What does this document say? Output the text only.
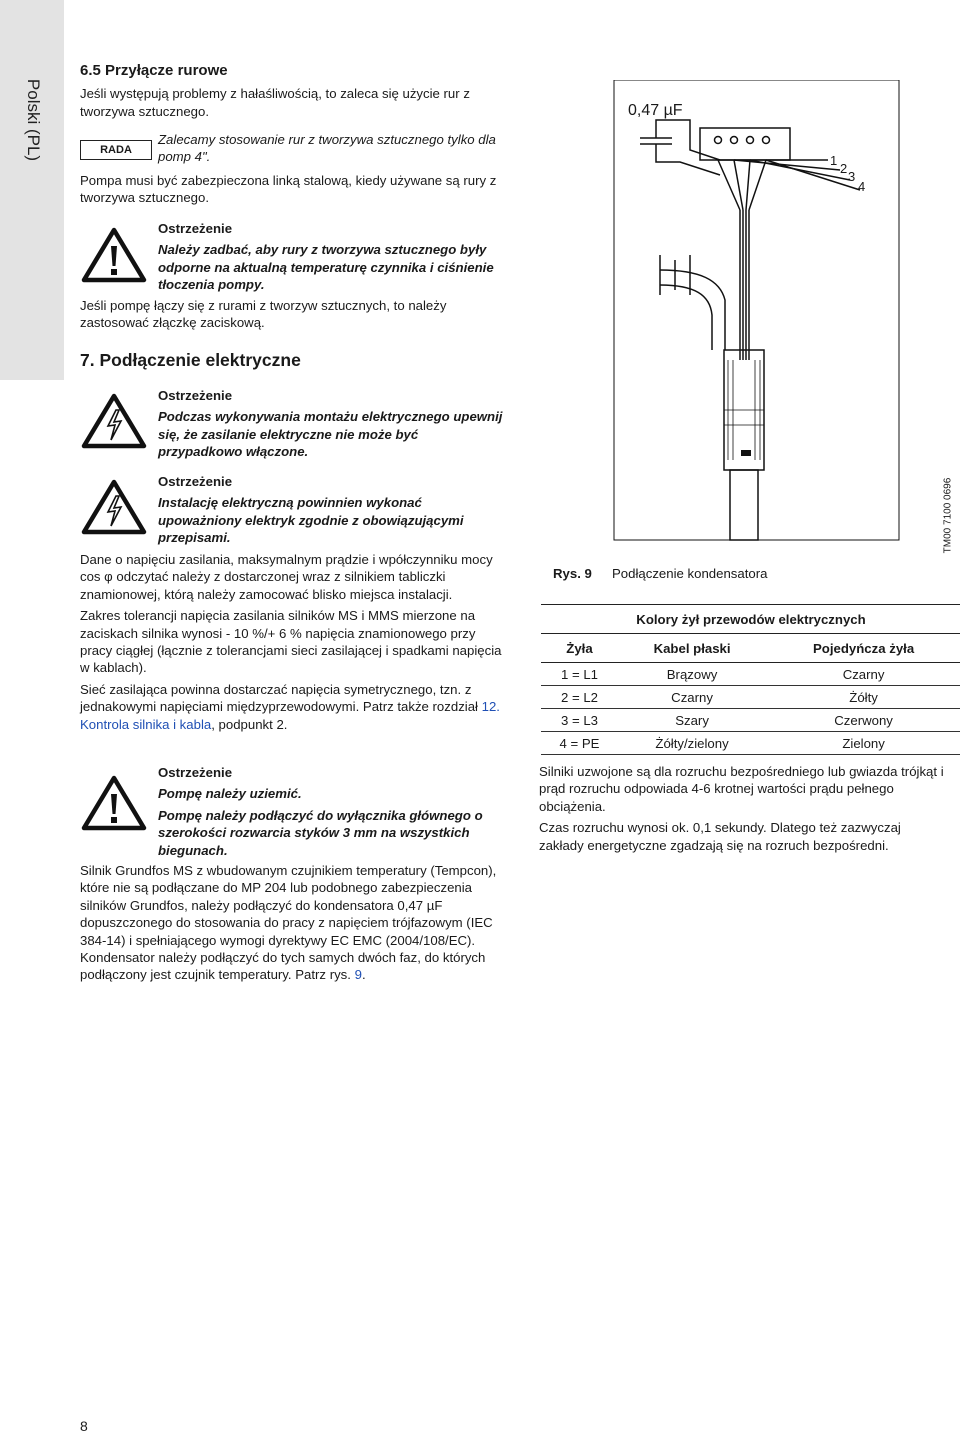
Polski (PL)
6.5 Przyłącze rurowe

Jeśli występują problemy z hałaśliwością, to zaleca się użycie rur z tworzywa sztucznego.

RADA
Zalecamy stosowanie rur z tworzywa sztucznego tylko dla pomp 4".
Pompa musi być zabezpieczona linką stalową, kiedy używane są rury z tworzywa sztucznego.

Ostrzeżenie

Należy zadbać, aby rury z tworzywa sztucznego były odporne na aktualną temperaturę czynnika i ciśnienie tłoczenia pompy.

Jeśli pompę łączy się z rurami z tworzyw sztucznych, to należy zastosować złączkę zaciskową.
7. Podłączenie elektryczne

Ostrzeżenie

Podczas wykonywania montażu elektrycznego upewnij się, że zasilanie elektryczne nie może być przypadkowo włączone.

Ostrzeżenie

Instalację elektryczną powinnien wykonać upoważniony elektryk zgodnie z obowiązującymi przepisami.

Dane o napięciu zasilania, maksymalnym prądzie i wpółczynniku mocy cos φ odczytać należy z dostarczonej wraz z silnikiem tabliczki znamionowej, którą należy zamocować blisko miejsca instalacji.

Zakres tolerancji napięcia zasilania silników MS i MMS mierzone na zaciskach silnika wynosi - 10 %/+ 6 % napięcia znamionowego przy pracy ciągłej (łącznie z tolerancjami sieci zasilającej i spadkami napięcia w kablach).

Sieć zasilająca powinna dostarczać napięcia symetrycznego, tzn. z jednakowymi napięciami międzyprzewodowymi. Patrz także rozdział 12. Kontrola silnika i kabla, podpunkt 2.

Ostrzeżenie

Pompę należy uziemić.

Pompę należy podłączyć do wyłącznika głównego o szerokości rozwarcia styków 3 mm na wszystkich biegunach.

Silnik Grundfos MS z wbudowanym czujnikiem temperatury (Tempcon), które nie są podłączane do MP 204 lub podobnego zabezpieczenia silników Grundfos, należy podłączyć do kondensatora 0,47 µF dopuszczonego do stosowania do pracy z napięciem trójfazowym (IEC 384-14) i spełniającego wymogi dyrektywy EC EMC (2004/108/EC). Kondensator należy podłączyć do tych samych dwóch faz, do których podłączony jest czujnik temperatury. Patrz rys. 9.
0,47 µF
1
2
3
4
TM00 7100 0696
Rys. 9 Podłączenie kondensatora
Kolory żył przewodów elektrycznych		
Żyła	Kabel płaski	Pojedyńcza żyła
1 = L1	Brązowy	Czarny
2 = L2	Czarny	Żółty
3 = L3	Szary	Czerwony
4 = PE	Żółty/zielony	Zielony

Silniki uzwojone są dla rozruchu bezpośredniego lub gwiazda trójkąt i prąd rozruchu odpowiada 4-6 krotnej wartości prądu pełnego obciążenia.

Czas rozruchu wynosi ok. 0,1 sekundy. Dlatego też zazwyczaj zakłady energetyczne zgadzają się na rozruch bezpośredni.

8
